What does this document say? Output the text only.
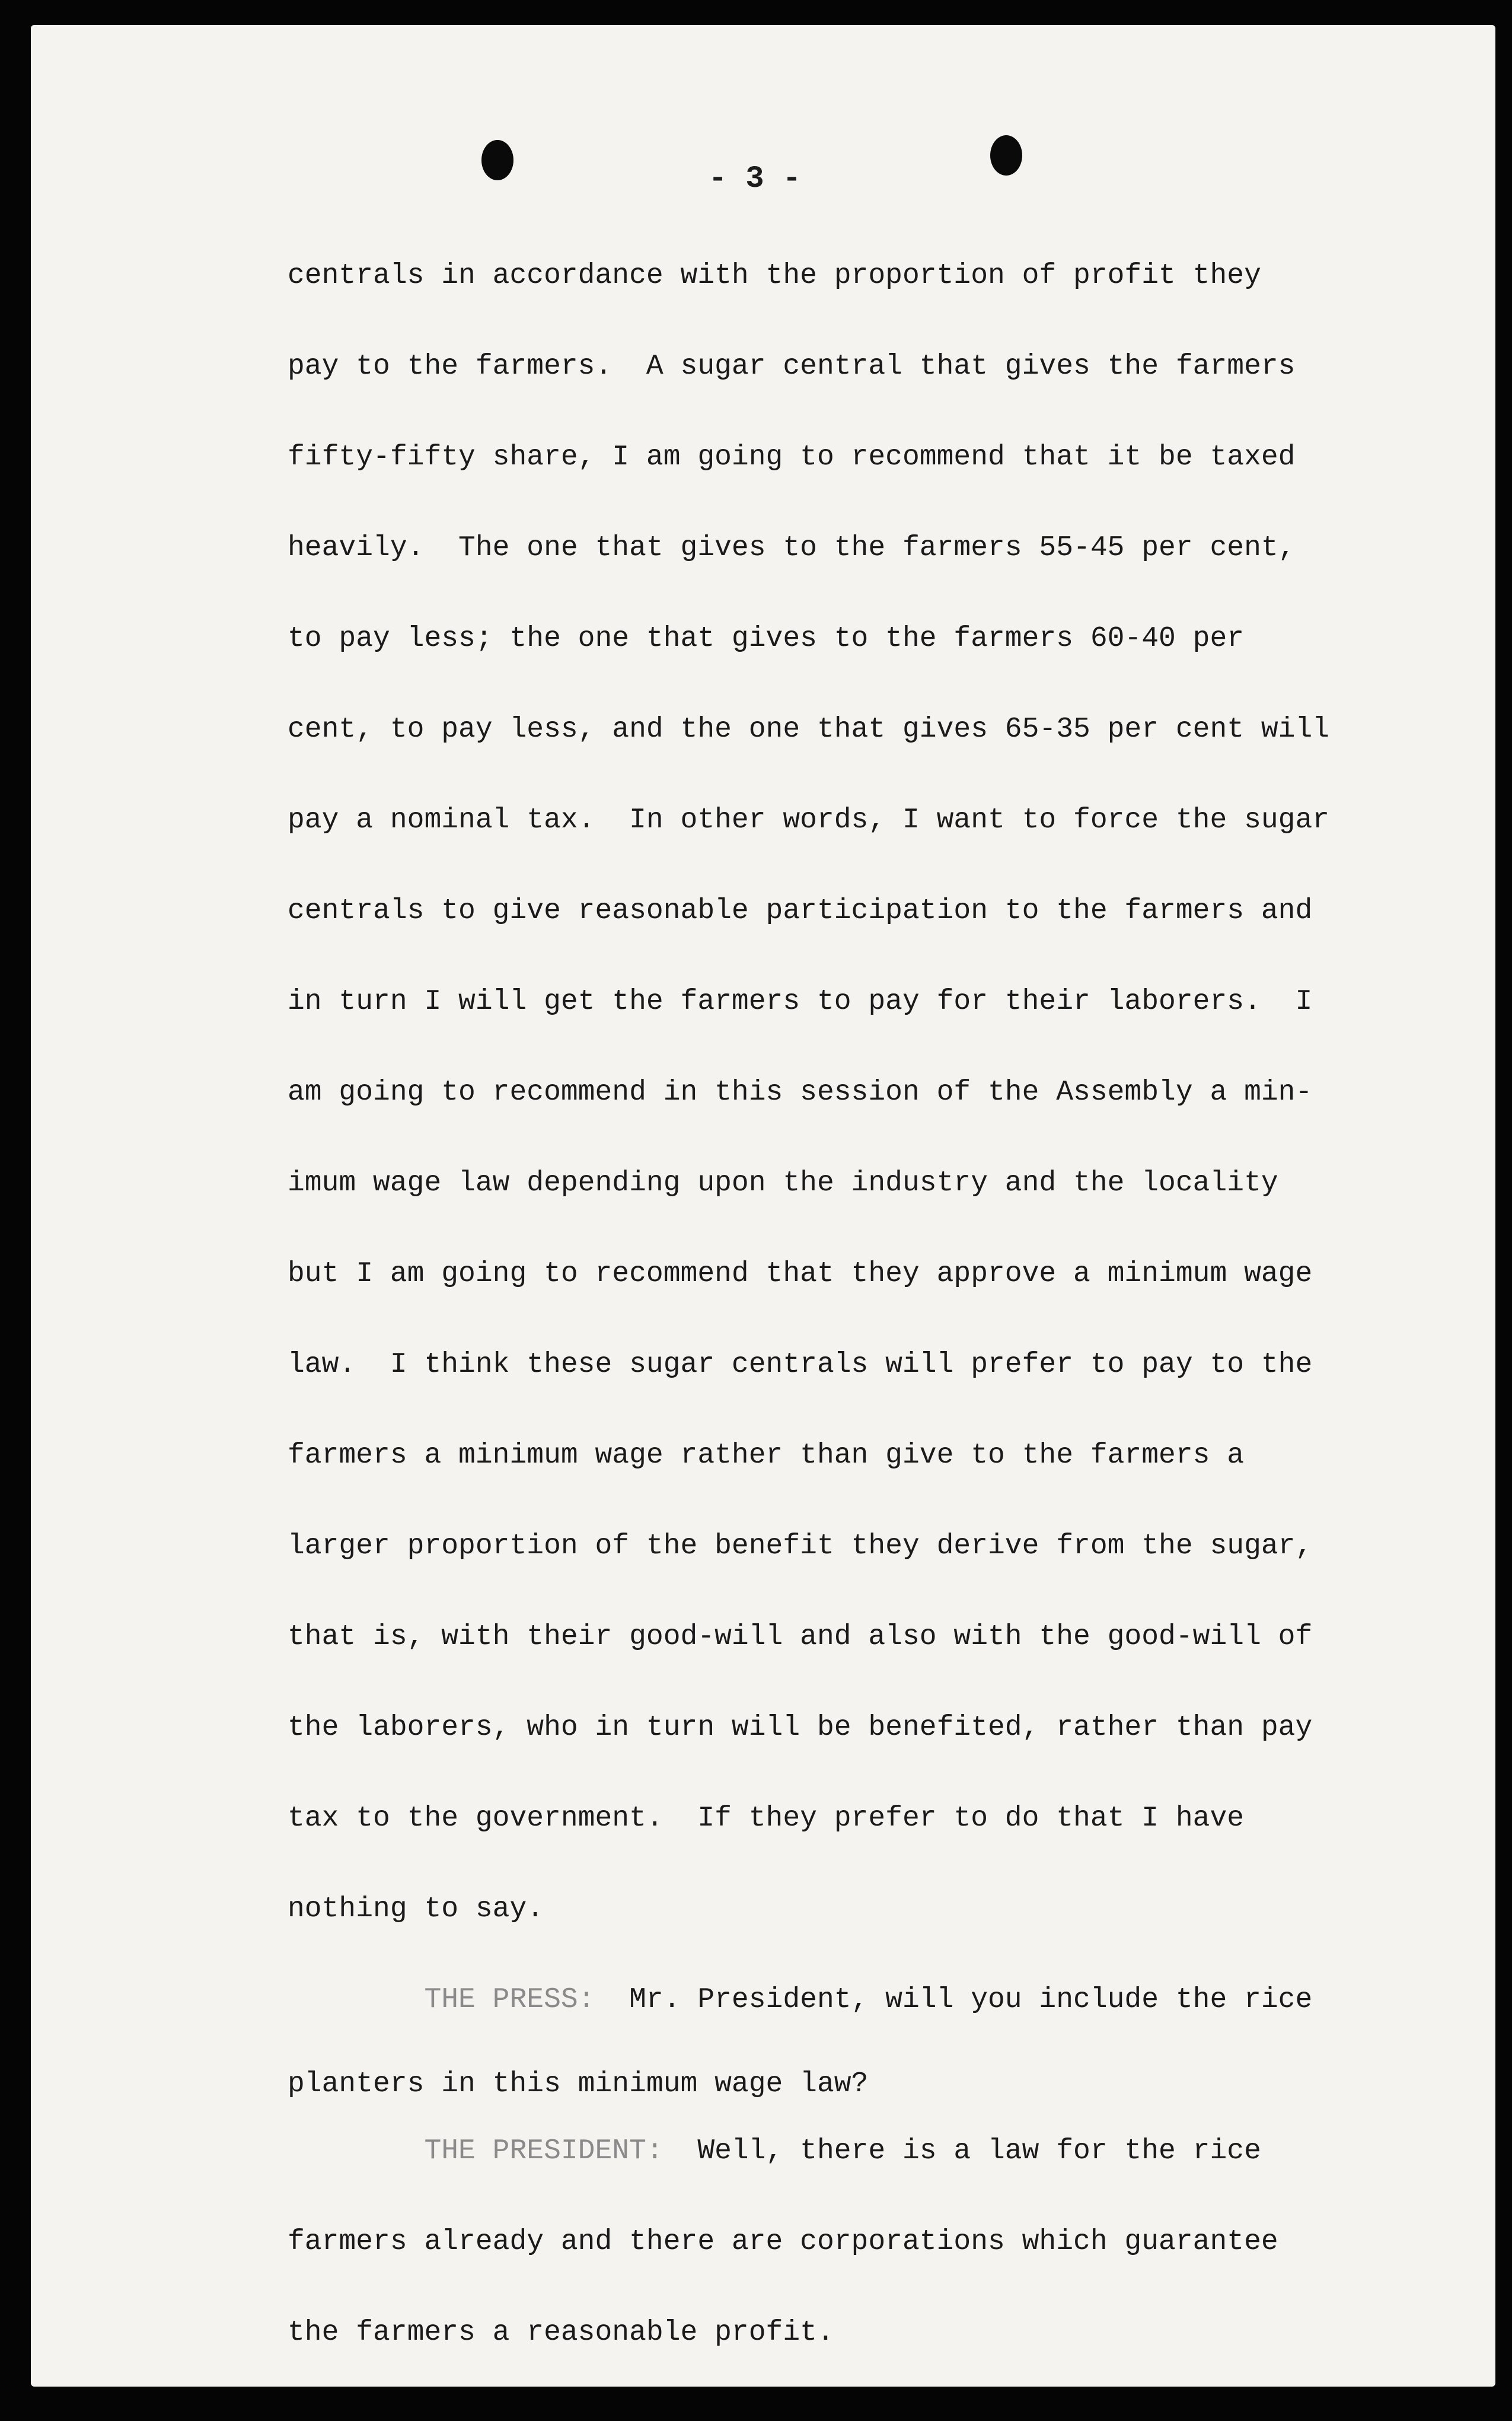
- 3 -

centrals in accordance with the proportion of profit they
pay to the farmers.  A sugar central that gives the farmers
fifty-fifty share, I am going to recommend that it be taxed
heavily.  The one that gives to the farmers 55-45 per cent,
to pay less; the one that gives to the farmers 60-40 per
cent, to pay less, and the one that gives 65-35 per cent will
pay a nominal tax.  In other words, I want to force the sugar
centrals to give reasonable participation to the farmers and
in turn I will get the farmers to pay for their laborers.  I
am going to recommend in this session of the Assembly a min-
imum wage law depending upon the industry and the locality
but I am going to recommend that they approve a minimum wage
law.  I think these sugar centrals will prefer to pay to the
farmers a minimum wage rather than give to the farmers a
larger proportion of the benefit they derive from the sugar,
that is, with their good-will and also with the good-will of
the laborers, who in turn will be benefited, rather than pay
tax to the government.  If they prefer to do that I have
nothing to say.
THE PRESS: Mr. President, will you include the rice
planters in this minimum wage law?
THE PRESIDENT: Well, there is a law for the rice
farmers already and there are corporations which guarantee
the farmers a reasonable profit.
